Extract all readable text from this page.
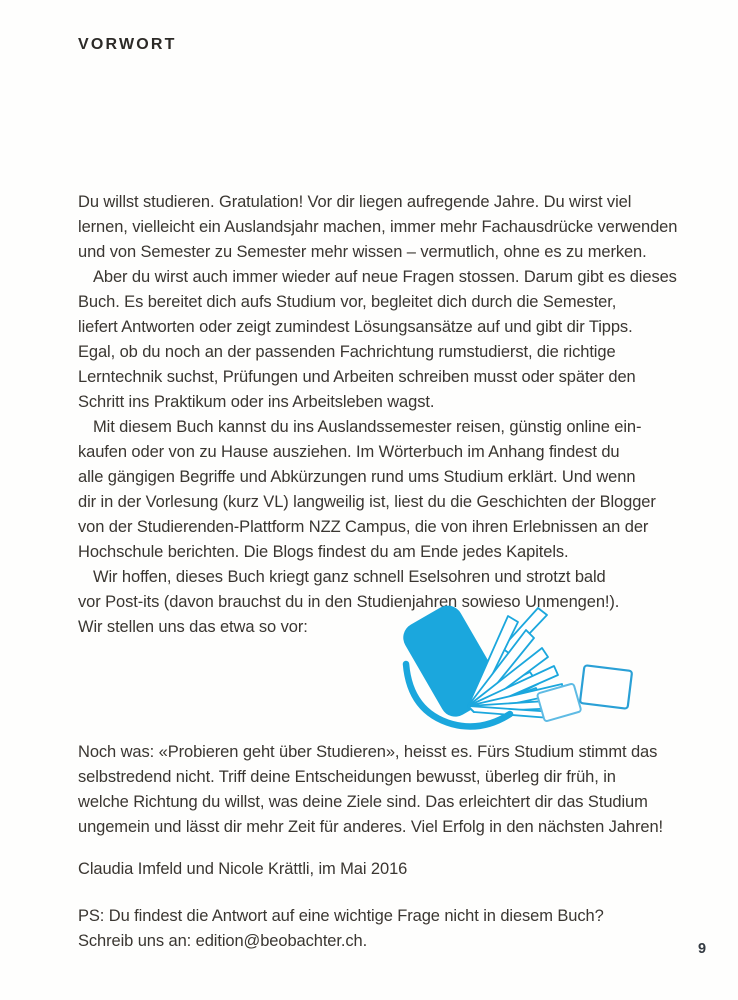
VORWORT
Du willst studieren. Gratulation! Vor dir liegen aufregende Jahre. Du wirst viel
lernen, vielleicht ein Auslandsjahr machen, immer mehr Fachausdrücke verwenden
und von Semester zu Semester mehr wissen – vermutlich, ohne es zu merken.
Aber du wirst auch immer wieder auf neue Fragen stossen. Darum gibt es dieses
Buch. Es bereitet dich aufs Studium vor, begleitet dich durch die Semester,
liefert Antworten oder zeigt zumindest Lösungsansätze auf und gibt dir Tipps.
Egal, ob du noch an der passenden Fachrichtung rumstudierst, die richtige
Lerntechnik suchst, Prüfungen und Arbeiten schreiben musst oder später den
Schritt ins Praktikum oder ins Arbeitsleben wagst.
Mit diesem Buch kannst du ins Auslandssemester reisen, günstig online ein-
kaufen oder von zu Hause ausziehen. Im Wörterbuch im Anhang findest du
alle gängigen Begriffe und Abkürzungen rund ums Studium erklärt. Und wenn
dir in der Vorlesung (kurz VL) langweilig ist, liest du die Geschichten der Blogger
von der Studierenden-Plattform NZZ Campus, die von ihren Erlebnissen an der
Hochschule berichten. Die Blogs findest du am Ende jedes Kapitels.
Wir hoffen, dieses Buch kriegt ganz schnell Eselsohren und strotzt bald
vor Post-its (davon brauchst du in den Studienjahren sowieso Unmengen!).
Wir stellen uns das etwa so vor:
Noch was: «Probieren geht über Studieren», heisst es. Fürs Studium stimmt das
selbstredend nicht. Triff deine Entscheidungen bewusst, überleg dir früh, in
welche Richtung du willst, was deine Ziele sind. Das erleichtert dir das Studium
ungemein und lässt dir mehr Zeit für anderes. Viel Erfolg in den nächsten Jahren!
Claudia Imfeld und Nicole Krättli, im Mai 2016
PS: Du findest die Antwort auf eine wichtige Frage nicht in diesem Buch?
Schreib uns an: edition@beobachter.ch.	9
